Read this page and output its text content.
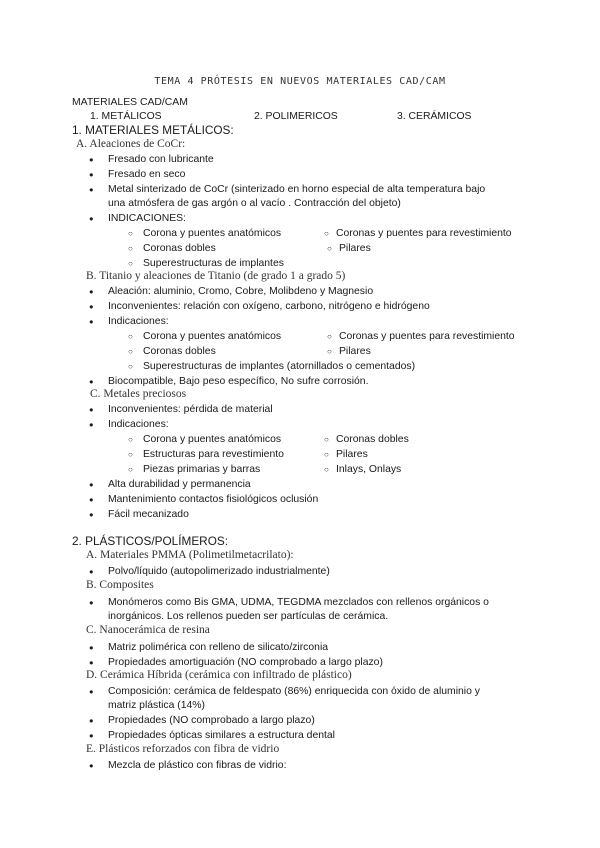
TEMA 4 PRÓTESIS EN NUEVOS MATERIALES CAD/CAM
MATERIALES CAD/CAM
1. METÁLICOS	2. POLIMERICOS	3. CERÁMICOS
1. MATERIALES METÁLICOS:
A. Aleaciones de CoCr:
● Fresado con lubricante
● Fresado en seco
● Metal sinterizado de CoCr (sinterizado en horno especial de alta temperatura bajo
una atmósfera de gas argón o al vacío . Contracción del objeto)
● INDICACIONES:
○ Corona y puentes anatómicos	○ Coronas y puentes para revestimiento
○ Coronas dobles	○ Pilares
○ Superestructuras de implantes
B. Titanio y aleaciones de Titanio (de grado 1 a grado 5)
● Aleación: aluminio, Cromo, Cobre, Molibdeno y Magnesio
● Inconvenientes: relación con oxígeno, carbono, nitrógeno e hidrógeno
● Indicaciones:
○ Corona y puentes anatómicos	○ Coronas y puentes para revestimiento
○ Coronas dobles	○ Pilares
○ Superestructuras de implantes (atornillados o cementados)
● Biocompatible, Bajo peso específico, No sufre corrosión.
C. Metales preciosos
● Inconvenientes: pérdida de material
● Indicaciones:
○ Corona y puentes anatómicos	○ Coronas dobles
○ Estructuras para revestimiento	○ Pilares
○ Piezas primarias y barras	○ Inlays, Onlays
● Alta durabilidad y permanencia
● Mantenimiento contactos fisiológicos oclusión
● Fácil mecanizado
2. PLÁSTICOS/POLÍMEROS:
A. Materiales PMMA (Polimetilmetacrilato):
● Polvo/líquido (autopolimerizado industrialmente)
B. Composites
● Monómeros como Bis GMA, UDMA, TEGDMA mezclados con rellenos orgánicos o
inorgánicos. Los rellenos pueden ser partículas de cerámica.
C. Nanocerámica de resina
● Matriz polimérica con relleno de silicato/zirconia
● Propiedades amortiguación (NO comprobado a largo plazo)
D. Cerámica Híbrida (cerámica con infiltrado de plástico)
● Composición: cerámica de feldespato (86%) enriquecida con óxido de aluminio y
matriz plástica (14%)
● Propiedades (NO comprobado a largo plazo)
● Propiedades ópticas similares a estructura dental
E. Plásticos reforzados con fibra de vidrio
● Mezcla de plástico con fibras de vidrio:
